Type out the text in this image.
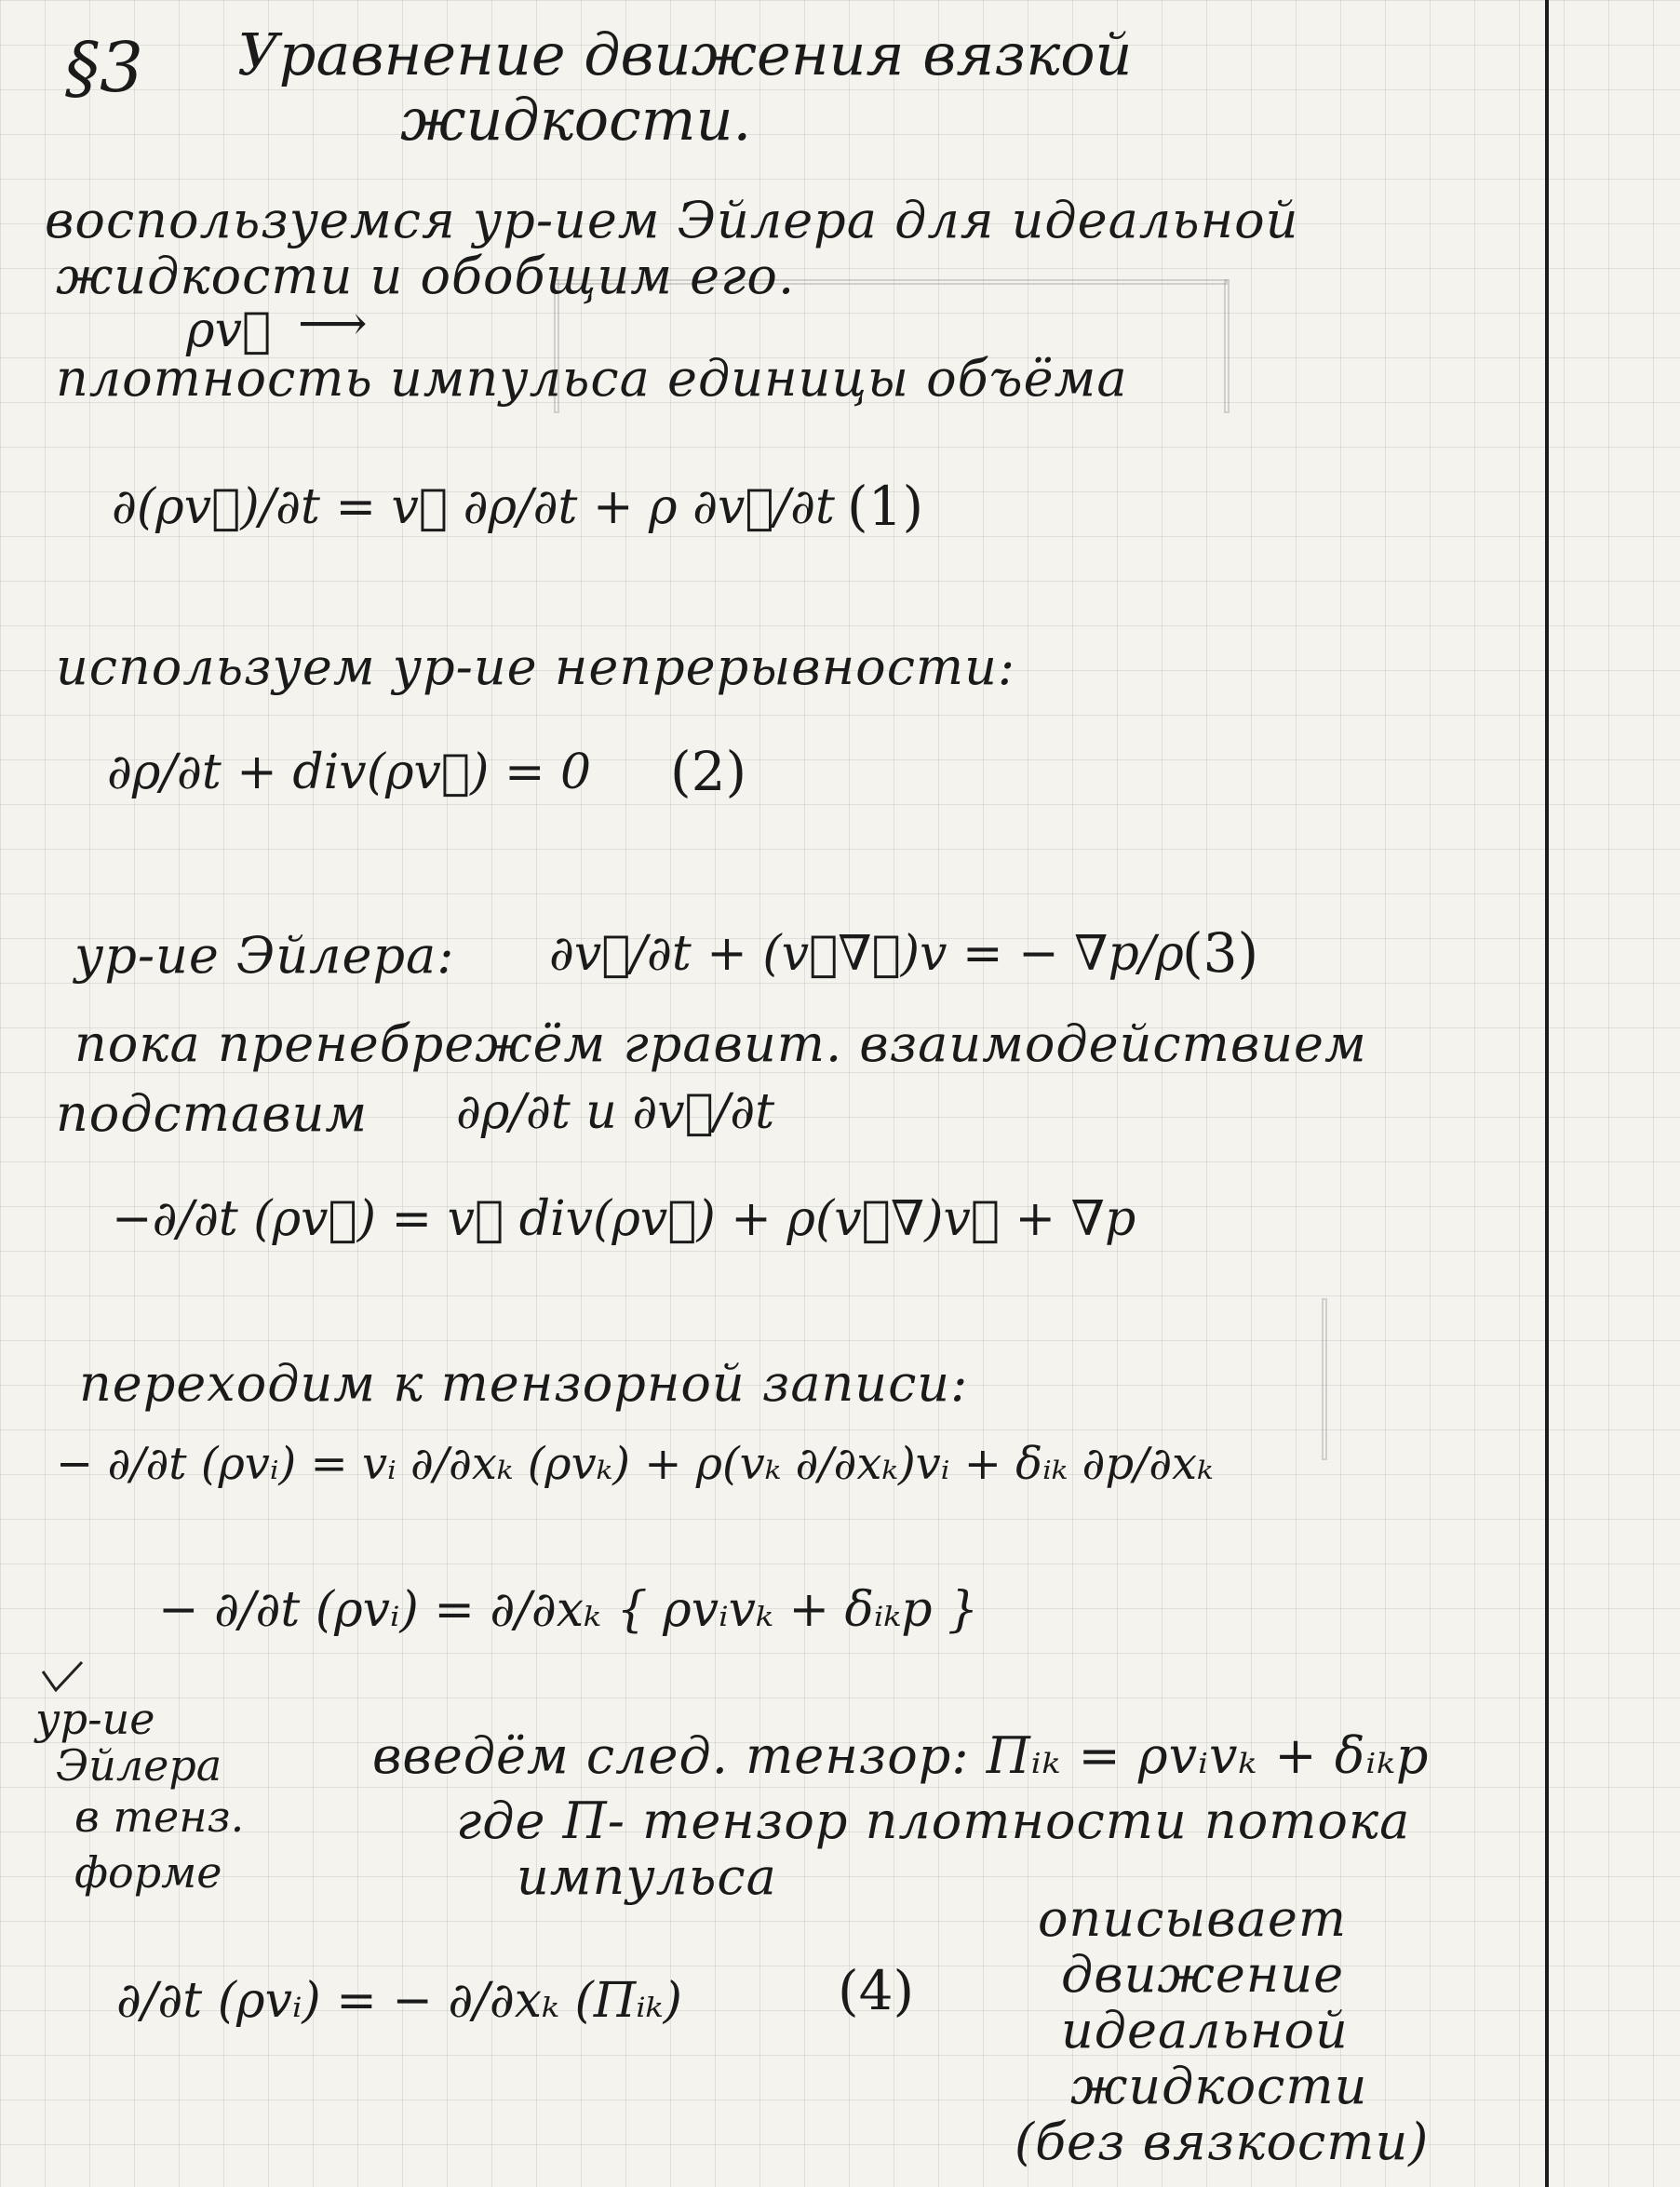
§3 Уравнение движения вязкой
жидкости.
воспользуемся ур-ием Эйлера для идеальной
жидкости и обобщим его.
ρv⃗ ⟶
плотность импульса единицы объёма
∂(ρv⃗)/∂t = v⃗ ∂ρ/∂t + ρ ∂v⃗/∂t (1)
используем ур-ие непрерывности:
∂ρ/∂t + div(ρv⃗) = 0 (2)
ур-ие Эйлера: ∂v⃗/∂t + (v⃗∇⃗)v = − ∇p/ρ
(3)
пока пренебрежём гравит. взаимодействием
подставим ∂ρ/∂t и ∂v⃗/∂t
−∂/∂t (ρv⃗) = v⃗ div(ρv⃗) + ρ(v⃗∇)v⃗ + ∇p
переходим к тензорной записи:
− ∂/∂t (ρvᵢ) = vᵢ ∂/∂xₖ (ρvₖ) + ρ(vₖ ∂/∂xₖ)vᵢ + δᵢₖ ∂p/∂xₖ
− ∂/∂t (ρvᵢ) = ∂/∂xₖ { ρvᵢvₖ + δᵢₖp }
ур-ие
Эйлера
в тенз.
форме
введём след. тензор: Πᵢₖ = ρvᵢvₖ + δᵢₖp
где Π- тензор плотности потока
импульса
∂/∂t (ρvᵢ) = − ∂/∂xₖ (Πᵢₖ)	(4)
описывает
движение
идеальной
жидкости
(без вязкости)
